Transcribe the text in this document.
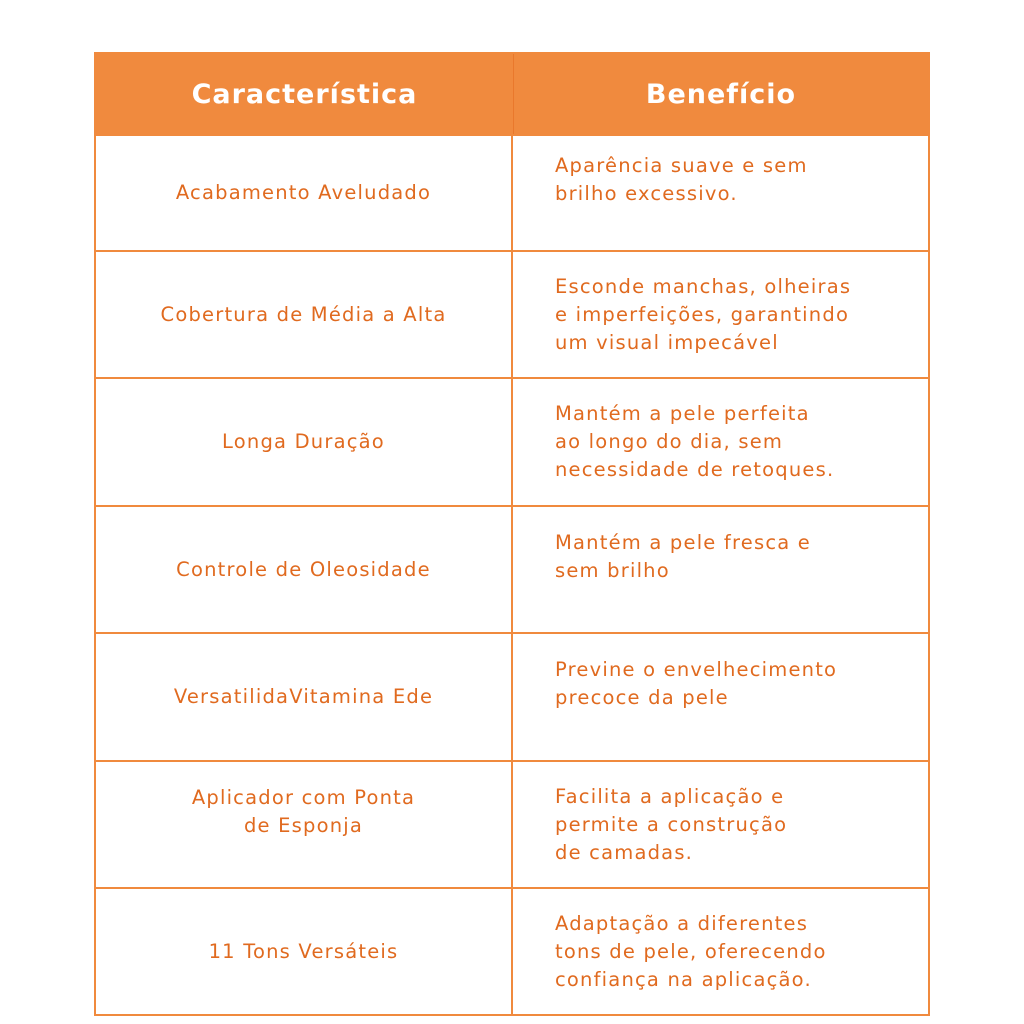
Característica	Benefício
Acabamento Aveludado
Aparência suave e sem
brilho excessivo.
Cobertura de Média a Alta
Esconde manchas, olheiras
e imperfeições, garantindo
um visual impecável
Longa Duração
Mantém a pele perfeita
ao longo do dia, sem
necessidade de retoques.
Controle de Oleosidade
Mantém a pele fresca e
sem brilho
VersatilidaVitamina Ede
Previne o envelhecimento
precoce da pele
Aplicador com Ponta
de Esponja
Facilita a aplicação e
permite a construção
de camadas.
11 Tons Versáteis
Adaptação a diferentes
tons de pele, oferecendo
confiança na aplicação.
